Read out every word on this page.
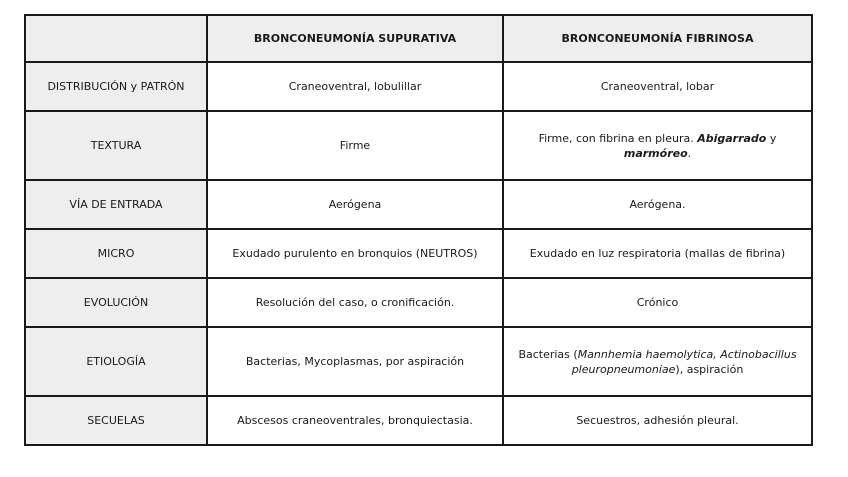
	BRONCONEUMONÍA SUPURATIVA	BRONCONEUMONÍA FIBRINOSA
DISTRIBUCIÓN y PATRÓN	Craneoventral, lobulillar	Craneoventral, lobar
TEXTURA	Firme	Firme, con fibrina en pleura. Abigarrado y marmóreo.
VÍA DE ENTRADA	Aerógena	Aerógena.
MICRO	Exudado purulento en bronquios (NEUTROS)	Exudado en luz respiratoria (mallas de fibrina)
EVOLUCIÓN	Resolución del caso, o cronificación.	Crónico
ETIOLOGÍA	Bacterias, Mycoplasmas, por aspiración	Bacterias (Mannhemia haemolytica, Actinobacillus pleuropneumoniae), aspiración
SECUELAS	Abscesos craneoventrales, bronquiectasia.	Secuestros, adhesión pleural.
